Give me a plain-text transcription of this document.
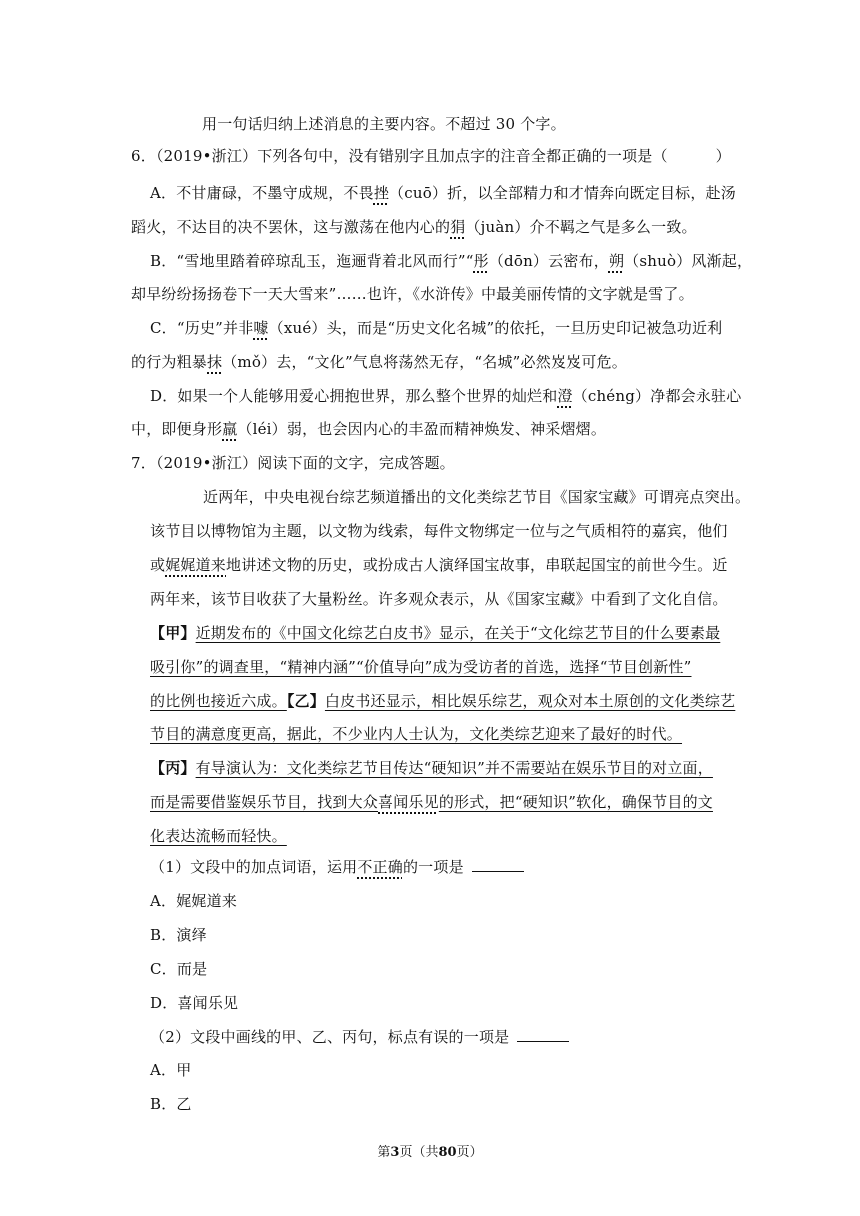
用一句话归纳上述消息的主要内容。不超过 30 个字。
6．（2019•浙江）下列各句中，没有错别字且加点字的注音全都正确的一项是（	）
A．不甘庸碌，不墨守成规，不畏挫（cuō）折，以全部精力和才情奔向既定目标，赴汤
蹈火，不达目的决不罢休，这与激荡在他内心的狷（juàn）介不羁之气是多么一致。
B．“雪地里踏着碎琼乱玉，迤逦背着北风而行”“彤（dōn）云密布，朔（shuò）风渐起，
却早纷纷扬扬卷下一天大雪来”……也许，《水浒传》中最美丽传情的文字就是雪了。
C．“历史”并非噱（xué）头，而是“历史文化名城”的依托，一旦历史印记被急功近利
的行为粗暴抹（mǒ）去，“文化”气息将荡然无存，“名城”必然岌岌可危。
D．如果一个人能够用爱心拥抱世界，那么整个世界的灿烂和澄（chéng）净都会永驻心
中，即便身形羸（léi）弱，也会因内心的丰盈而精神焕发、神采熠熠。
7．（2019•浙江）阅读下面的文字，完成答题。
近两年，中央电视台综艺频道播出的文化类综艺节目《国家宝藏》可谓亮点突出。
该节目以博物馆为主题，以文物为线索，每件文物绑定一位与之气质相符的嘉宾，他们
或娓娓道来地讲述文物的历史，或扮成古人演绎国宝故事，串联起国宝的前世今生。近
两年来，该节目收获了大量粉丝。许多观众表示，从《国家宝藏》中看到了文化自信。
【甲】近期发布的《中国文化综艺白皮书》显示，在关于“文化综艺节目的什么要素最
吸引你”的调查里，“精神内涵”“价值导向”成为受访者的首选，选择“节目创新性”
的比例也接近六成。【乙】白皮书还显示，相比娱乐综艺，观众对本土原创的文化类综艺
节目的满意度更高，据此，不少业内人士认为，文化类综艺迎来了最好的时代。
【丙】有导演认为：文化类综艺节目传达“硬知识”并不需要站在娱乐节目的对立面，
而是需要借鉴娱乐节目，找到大众喜闻乐见的形式，把“硬知识”软化，确保节目的文
化表达流畅而轻快。
（1）文段中的加点词语，运用不正确的一项是
A．娓娓道来
B．演绎
C．而是
D．喜闻乐见
（2）文段中画线的甲、乙、丙句，标点有误的一项是
A．甲
B．乙
第3页（共80页）
